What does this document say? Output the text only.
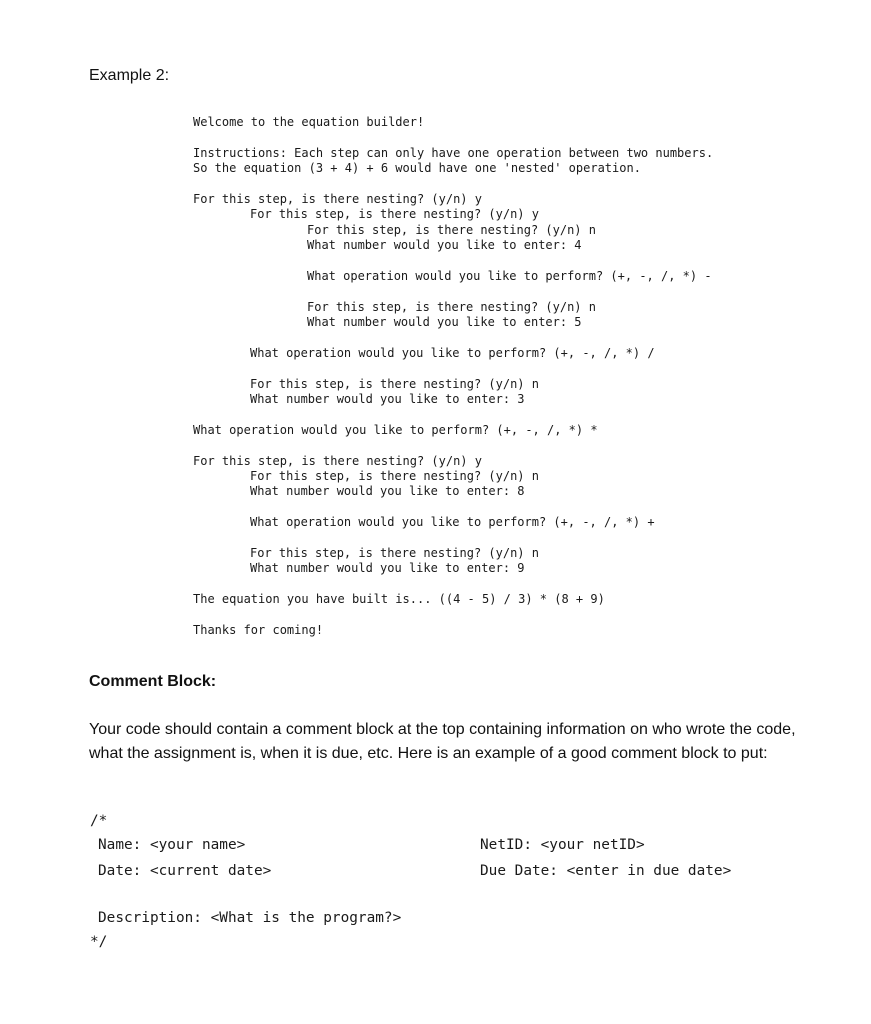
Example 2:
Welcome to the equation builder!
Instructions: Each step can only have one operation between two numbers.
So the equation (3 + 4) + 6 would have one 'nested' operation.
For this step, is there nesting? (y/n) y
For this step, is there nesting? (y/n) y
For this step, is there nesting? (y/n) n
What number would you like to enter: 4
What operation would you like to perform? (+, -, /, *) -
For this step, is there nesting? (y/n) n
What number would you like to enter: 5
What operation would you like to perform? (+, -, /, *) /
For this step, is there nesting? (y/n) n
What number would you like to enter: 3
What operation would you like to perform? (+, -, /, *) *
For this step, is there nesting? (y/n) y
For this step, is there nesting? (y/n) n
What number would you like to enter: 8
What operation would you like to perform? (+, -, /, *) +
For this step, is there nesting? (y/n) n
What number would you like to enter: 9
The equation you have built is... ((4 - 5) / 3) * (8 + 9)
Thanks for coming!
Comment Block:

Your code should contain a comment block at the top containing information on who wrote the code, what the assignment is, when it is due, etc. Here is an example of a good comment block to put:

/*
Name: <your name>	NetID: <your netID>
Date: <current date>	Due Date: <enter in due date>
Description: <What is the program?>
*/
